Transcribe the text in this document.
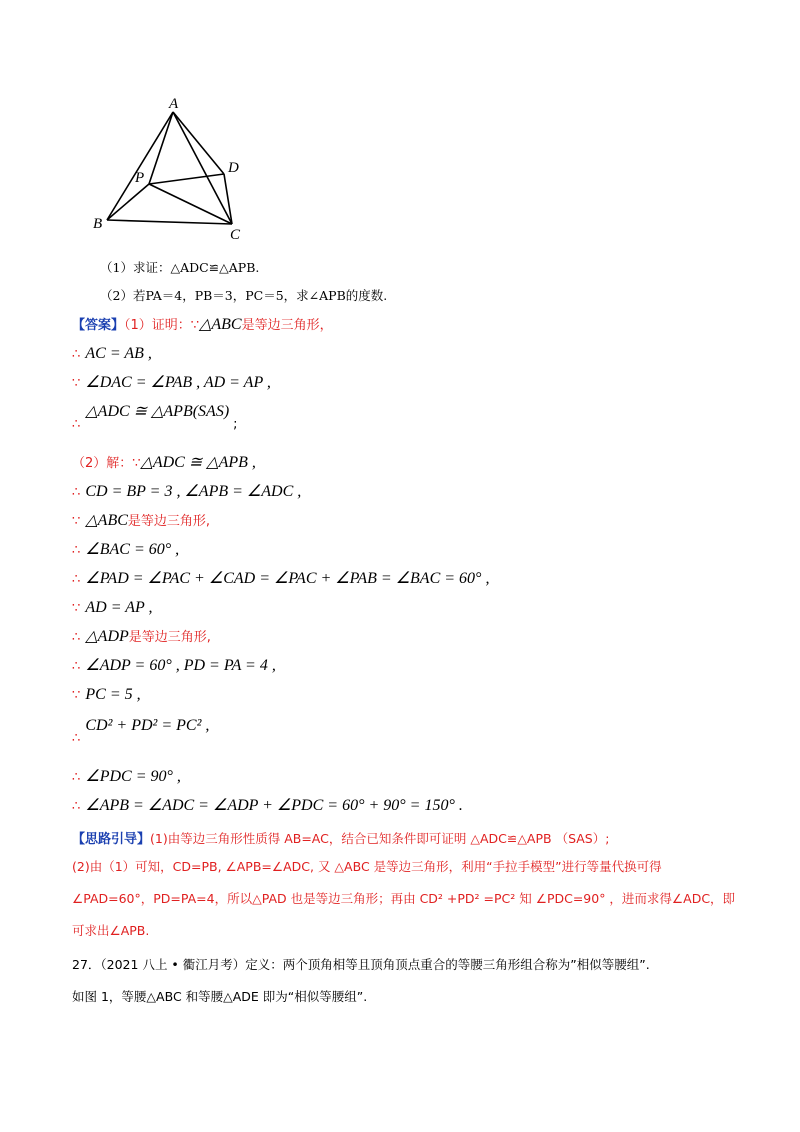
A
D
P
B
C
（1）求证：△ADC≌△APB.
（2）若PA＝4，PB＝3，PC＝5，求∠APB的度数.
【答案】（1）证明：∵△ABC是等边三角形，
∴ AC = AB ,
∵ ∠DAC = ∠PAB , AD = AP ,
$_\therefore$ △ADC ≅ $\triangle APB(SAS)_;$
（2）解：∵△ADC ≅ △APB ,
∴ CD = BP = 3 , ∠APB = ∠ADC ,
∵ △ABC是等边三角形,
∴ ∠BAC = 60° ,
∴ ∠PAD = ∠PAC + ∠CAD = ∠PAC + ∠PAB = ∠BAC = 60° ,
∵ AD = AP ,
∴ △ADP是等边三角形,
∴ ∠ADP = 60° , PD = PA = 4 ,
∵ PC = 5 ,
$_\therefore$ CD² + PD² = PC² ,
∴ ∠PDC = 90° ,
∴ ∠APB = ∠ADC = ∠ADP + ∠PDC = 60° + 90° = 150° .
【思路引导】(1)由等边三角形性质得 AB=AC，结合已知条件即可证明 △ADC≌△APB （SAS）;
(2)由（1）可知，CD=PB, ∠APB=∠ADC, 又 △ABC 是等边三角形，利用“手拉手模型”进行等量代换可得
∠PAD=60°，PD=PA=4，所以△PAD 也是等边三角形；再由 CD² +PD² =PC² 知 ∠PDC=90° ，进而求得∠ADC，即
可求出∠APB.
27．（2021 八上 • 衢江月考）定义：两个顶角相等且顶角顶点重合的等腰三角形组合称为”相似等腰组”.
如图 1，等腰△ABC 和等腰△ADE 即为“相似等腰组”.
